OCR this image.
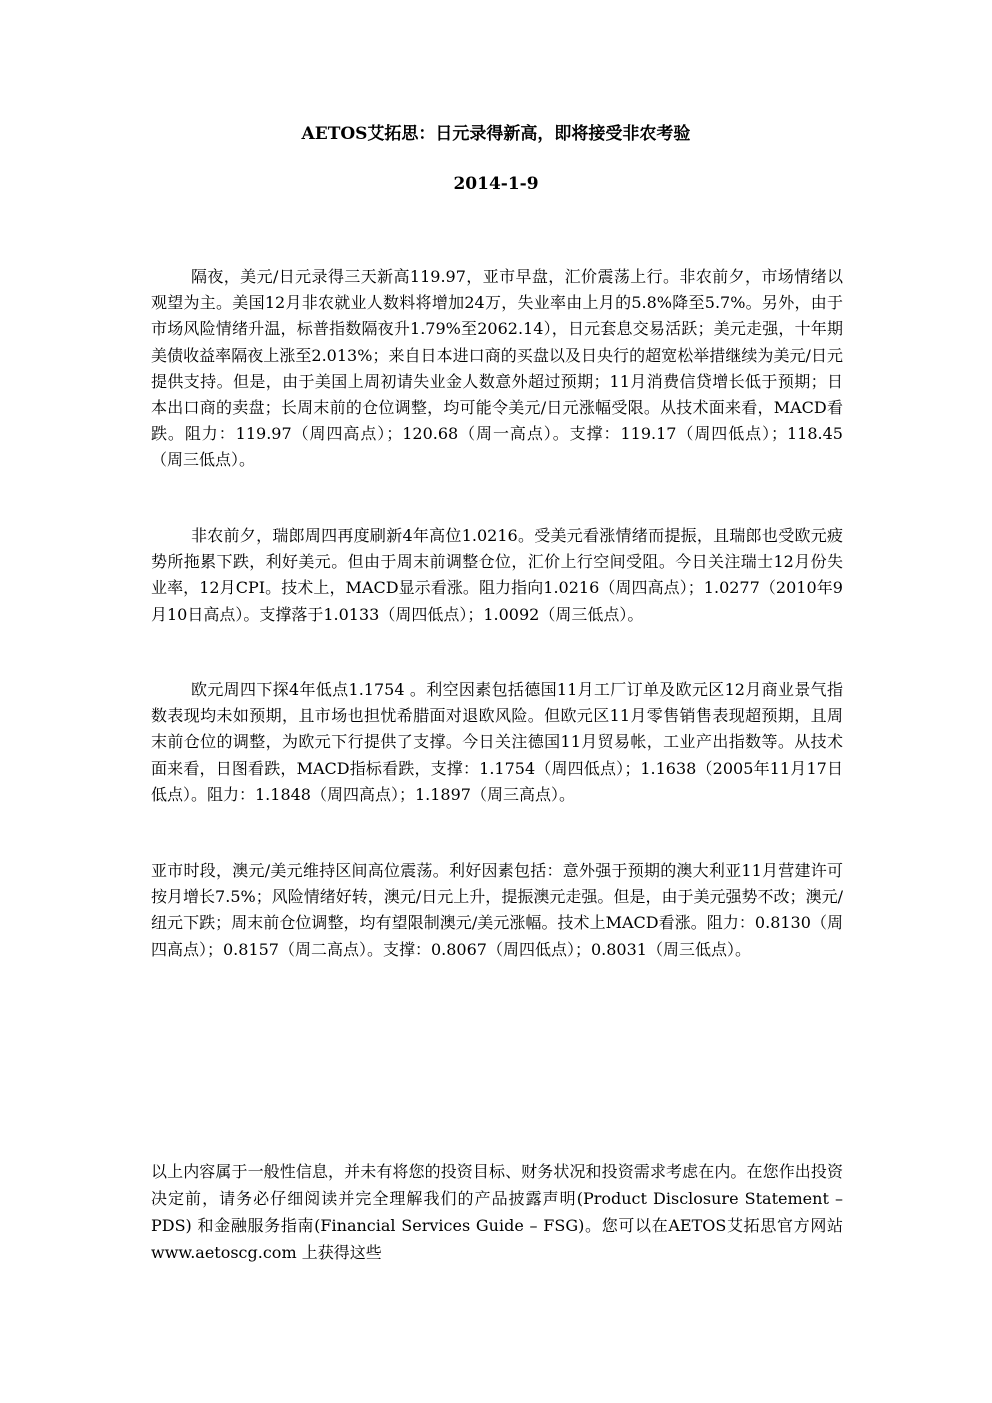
AETOS艾拓思：日元录得新高，即将接受非农考验
2014-1-9

隔夜，美元/日元录得三天新高119.97，亚市早盘，汇价震荡上行。非农前夕，市场情绪以观望为主。美国12月非农就业人数料将增加24万，失业率由上月的5.8%降至5.7%。另外，由于市场风险情绪升温，标普指数隔夜升1.79%至2062.14），日元套息交易活跃；美元走强，十年期美债收益率隔夜上涨至2.013%；来自日本进口商的买盘以及日央行的超宽松举措继续为美元/日元提供支持。但是，由于美国上周初请失业金人数意外超过预期；11月消费信贷增长低于预期；日本出口商的卖盘；长周末前的仓位调整，均可能令美元/日元涨幅受限。从技术面来看，MACD看跌。阻力：119.97（周四高点）；120.68（周一高点）。支撑：119.17（周四低点）；118.45（周三低点）。

非农前夕，瑞郎周四再度刷新4年高位1.0216。受美元看涨情绪而提振，且瑞郎也受欧元疲势所拖累下跌，利好美元。但由于周末前调整仓位，汇价上行空间受阻。今日关注瑞士12月份失业率，12月CPI。技术上，MACD显示看涨。阻力指向1.0216（周四高点）；1.0277（2010年9月10日高点）。支撑落于1.0133（周四低点）；1.0092（周三低点）。

欧元周四下探4年低点1.1754 。利空因素包括德国11月工厂订单及欧元区12月商业景气指数表现均未如预期，且市场也担忧希腊面对退欧风险。但欧元区11月零售销售表现超预期，且周末前仓位的调整，为欧元下行提供了支撑。今日关注德国11月贸易帐，工业产出指数等。从技术面来看，日图看跌，MACD指标看跌，支撑：1.1754（周四低点）；1.1638（2005年11月17日低点）。阻力：1.1848（周四高点）；1.1897（周三高点）。

亚市时段，澳元/美元维持区间高位震荡。利好因素包括：意外强于预期的澳大利亚11月营建许可按月增长7.5%；风险情绪好转，澳元/日元上升，提振澳元走强。但是，由于美元强势不改；澳元/纽元下跌；周末前仓位调整，均有望限制澳元/美元涨幅。技术上MACD看涨。阻力：0.8130（周四高点）；0.8157（周二高点）。支撑：0.8067（周四低点）；0.8031（周三低点）。

以上内容属于一般性信息，并未有将您的投资目标、财务状况和投资需求考虑在内。在您作出投资决定前，请务必仔细阅读并完全理解我们的产品披露声明(Product Disclosure Statement – PDS) 和金融服务指南(Financial Services Guide – FSG)。您可以在AETOS艾拓思官方网站www.aetoscg.com 上获得这些
